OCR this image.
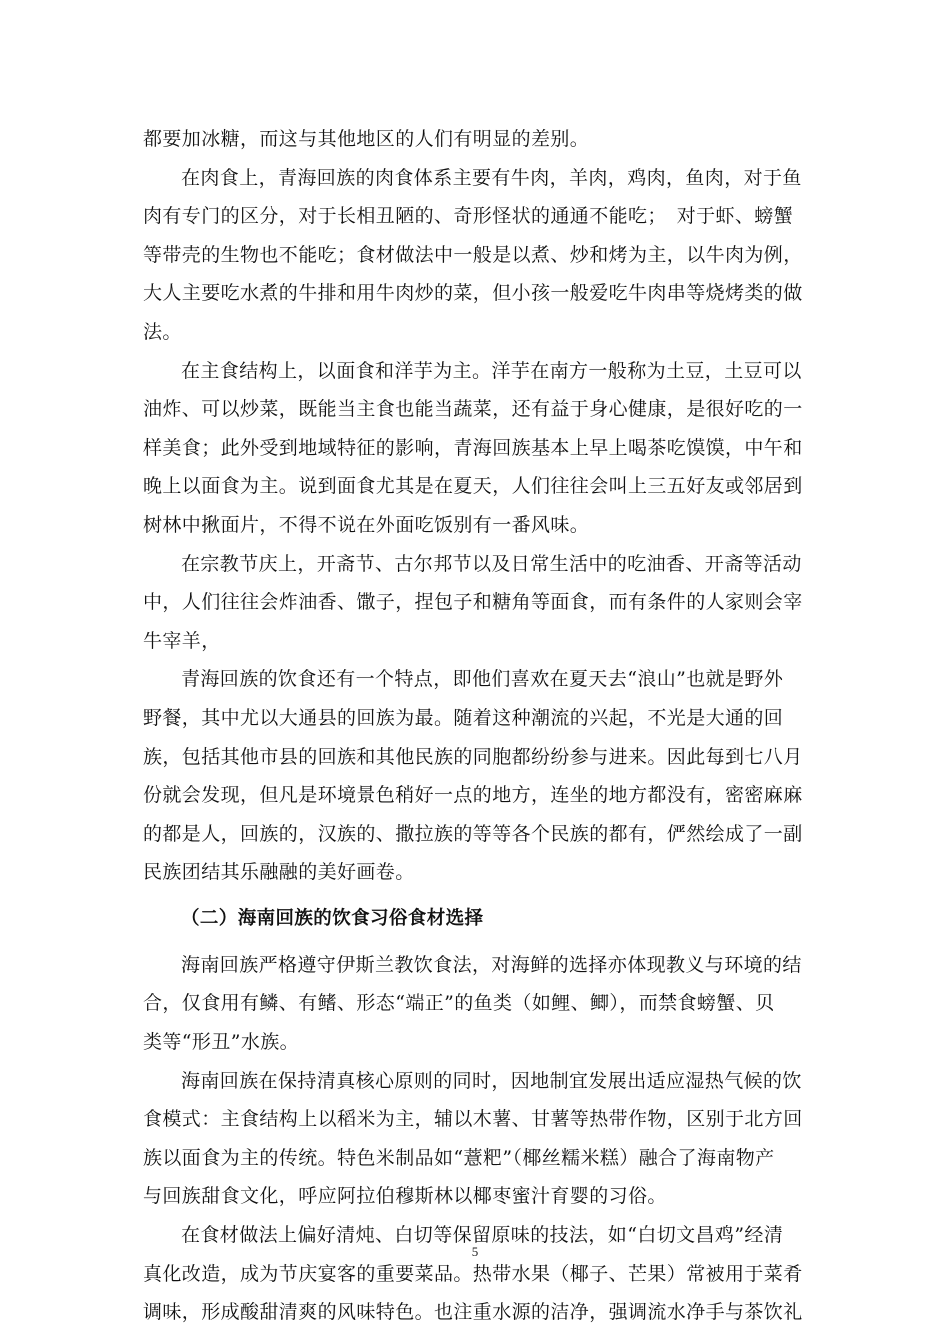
都要加冰糖，而这与其他地区的人们有明显的差别。
在肉食上，青海回族的肉食体系主要有牛肉，羊肉，鸡肉，鱼肉，对于鱼
肉有专门的区分，对于长相丑陋的、奇形怪状的通通不能吃；　对于虾、螃蟹
等带壳的生物也不能吃；食材做法中一般是以煮、炒和烤为主，以牛肉为例，
大人主要吃水煮的牛排和用牛肉炒的菜，但小孩一般爱吃牛肉串等烧烤类的做
法。
在主食结构上，以面食和洋芋为主。洋芋在南方一般称为土豆，土豆可以
油炸、可以炒菜，既能当主食也能当蔬菜，还有益于身心健康，是很好吃的一
样美食；此外受到地域特征的影响，青海回族基本上早上喝茶吃馍馍，中午和
晚上以面食为主。说到面食尤其是在夏天，人们往往会叫上三五好友或邻居到
树林中揪面片，不得不说在外面吃饭别有一番风味。
在宗教节庆上，开斋节、古尔邦节以及日常生活中的吃油香、开斋等活动
中，人们往往会炸油香、馓子，捏包子和糖角等面食，而有条件的人家则会宰
牛宰羊，
青海回族的饮食还有一个特点，即他们喜欢在夏天去“浪山”也就是野外
野餐，其中尤以大通县的回族为最。随着这种潮流的兴起，不光是大通的回
族，包括其他市县的回族和其他民族的同胞都纷纷参与进来。因此每到七八月
份就会发现，但凡是环境景色稍好一点的地方，连坐的地方都没有，密密麻麻
的都是人，回族的，汉族的、撒拉族的等等各个民族的都有，俨然绘成了一副
民族团结其乐融融的美好画卷。
（二）海南回族的饮食习俗食材选择
海南回族严格遵守伊斯兰教饮食法，对海鲜的选择亦体现教义与环境的结
合，仅食用有鳞、有鳍、形态“端正”的鱼类（如鲤、鲫），而禁食螃蟹、贝
类等“形丑”水族。
海南回族在保持清真核心原则的同时，因地制宜发展出适应湿热气候的饮
食模式：主食结构上以稻米为主，辅以木薯、甘薯等热带作物，区别于北方回
族以面食为主的传统。特色米制品如“薏粑”（椰丝糯米糕）融合了海南物产
与回族甜食文化，呼应阿拉伯穆斯林以椰枣蜜汁育婴的习俗。
在食材做法上偏好清炖、白切等保留原味的技法，如“白切文昌鸡”经清
真化改造，成为节庆宴客的重要菜品。热带水果（椰子、芒果）常被用于菜肴
调味，形成酸甜清爽的风味特色。也注重水源的洁净，强调流水净手与茶饮礼
5
